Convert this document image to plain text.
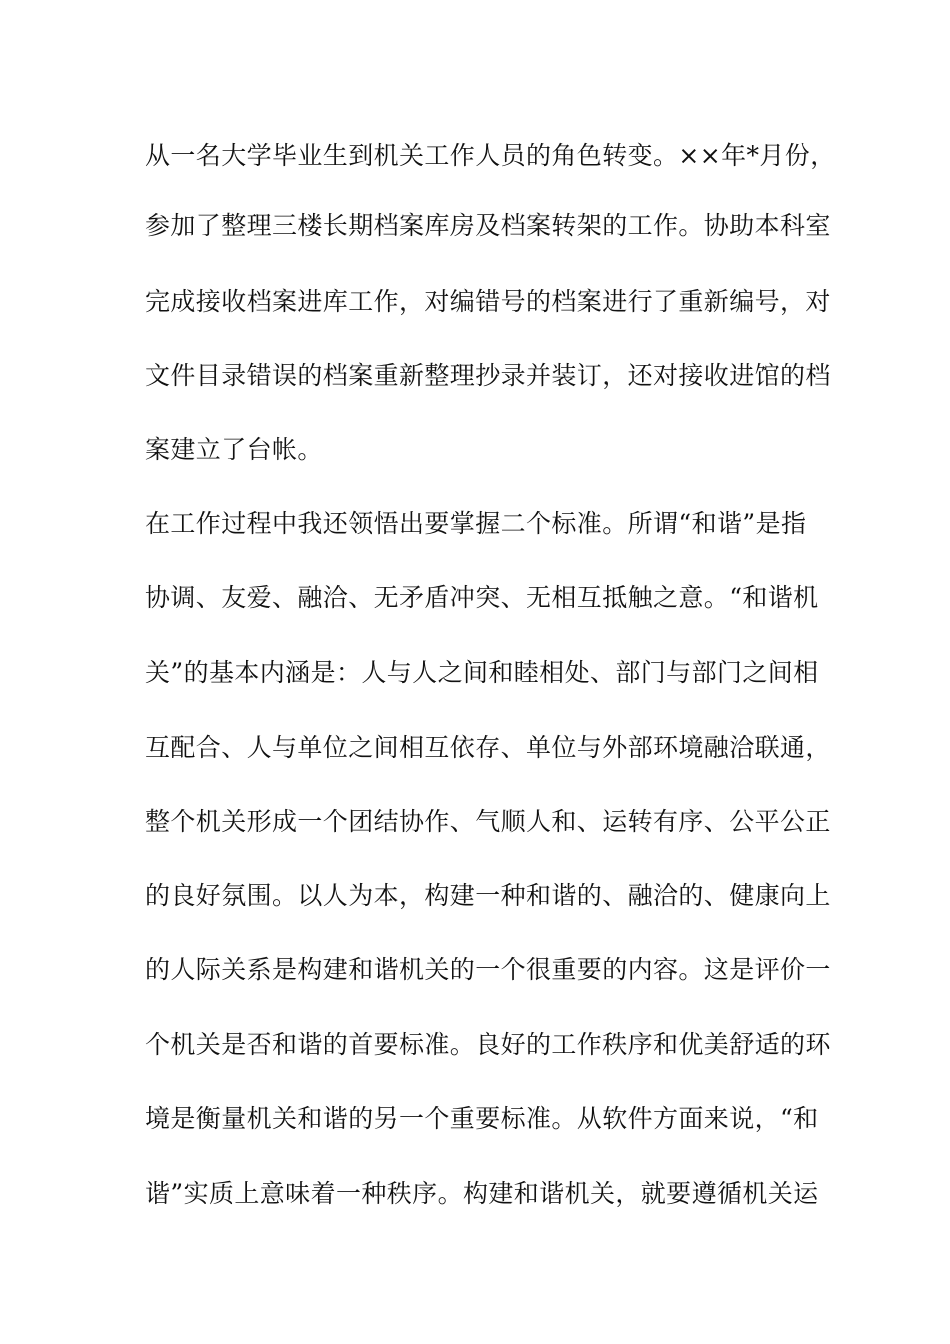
从一名大学毕业生到机关工作人员的角色转变。××年*月份，
参加了整理三楼长期档案库房及档案转架的工作。协助本科室
完成接收档案进库工作，对编错号的档案进行了重新编号，对
文件目录错误的档案重新整理抄录并装订，还对接收进馆的档
案建立了台帐。
在工作过程中我还领悟出要掌握二个标准。所谓“和谐”是指
协调、友爱、融洽、无矛盾冲突、无相互抵触之意。“和谐机
关”的基本内涵是：人与人之间和睦相处、部门与部门之间相
互配合、人与单位之间相互依存、单位与外部环境融洽联通，
整个机关形成一个团结协作、气顺人和、运转有序、公平公正
的良好氛围。以人为本，构建一种和谐的、融洽的、健康向上
的人际关系是构建和谐机关的一个很重要的内容。这是评价一
个机关是否和谐的首要标准。良好的工作秩序和优美舒适的环
境是衡量机关和谐的另一个重要标准。从软件方面来说，“和
谐”实质上意味着一种秩序。构建和谐机关，就要遵循机关运
